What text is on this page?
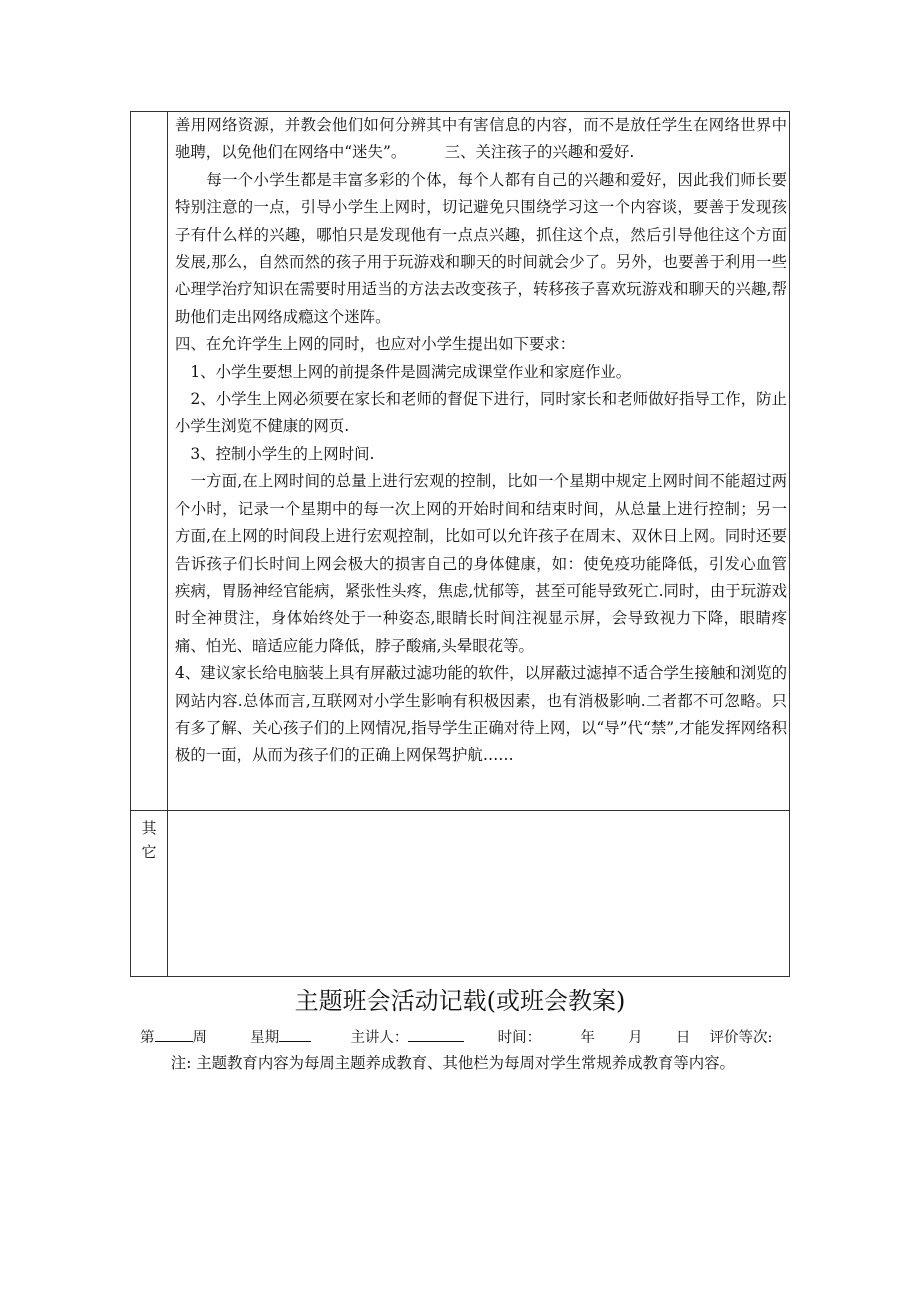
善用网络资源，并教会他们如何分辨其中有害信息的内容，而不是放任学生在网络世界中驰聘，以免他们在网络中“迷失”。　　　三、关注孩子的兴趣和爱好.

　　每一个小学生都是丰富多彩的个体，每个人都有自己的兴趣和爱好，因此我们师长要特别注意的一点，引导小学生上网时，切记避免只围绕学习这一个内容谈，要善于发现孩子有什么样的兴趣，哪怕只是发现他有一点点兴趣，抓住这个点，然后引导他往这个方面发展,那么，自然而然的孩子用于玩游戏和聊天的时间就会少了。另外，也要善于利用一些心理学治疗知识在需要时用适当的方法去改变孩子，转移孩子喜欢玩游戏和聊天的兴趣,帮助他们走出网络成瘾这个迷阵。

四、在允许学生上网的同时，也应对小学生提出如下要求：

　1、小学生要想上网的前提条件是圆满完成课堂作业和家庭作业。

　2、小学生上网必须要在家长和老师的督促下进行，同时家长和老师做好指导工作，防止小学生浏览不健康的网页.

　3、控制小学生的上网时间.

　一方面,在上网时间的总量上进行宏观的控制，比如一个星期中规定上网时间不能超过两个小时，记录一个星期中的每一次上网的开始时间和结束时间，从总量上进行控制；另一方面,在上网的时间段上进行宏观控制，比如可以允许孩子在周末、双休日上网。同时还要告诉孩子们长时间上网会极大的损害自己的身体健康，如：使免疫功能降低，引发心血管疾病，胃肠神经官能病，紧张性头疼，焦虑,忧郁等，甚至可能导致死亡.同时，由于玩游戏时全神贯注，身体始终处于一种姿态,眼睛长时间注视显示屏，会导致视力下降，眼睛疼痛、怕光、暗适应能力降低，脖子酸痛,头晕眼花等。

4、建议家长给电脑装上具有屏蔽过滤功能的软件，以屏蔽过滤掉不适合学生接触和浏览的网站内容.总体而言,互联网对小学生影响有积极因素，也有消极影响.二者都不可忽略。只有多了解、关心孩子们的上网情况,指导学生正确对待上网，以“导”代“禁”,才能发挥网络积极的一面，从而为孩子们的正确上网保驾护航……

其
它
主题班会活动记载(或班会教案)
第	周	星期	主讲人：	时间：	年 月 日 评价等次:

注: 主题教育内容为每周主题养成教育、其他栏为每周对学生常规养成教育等内容。
